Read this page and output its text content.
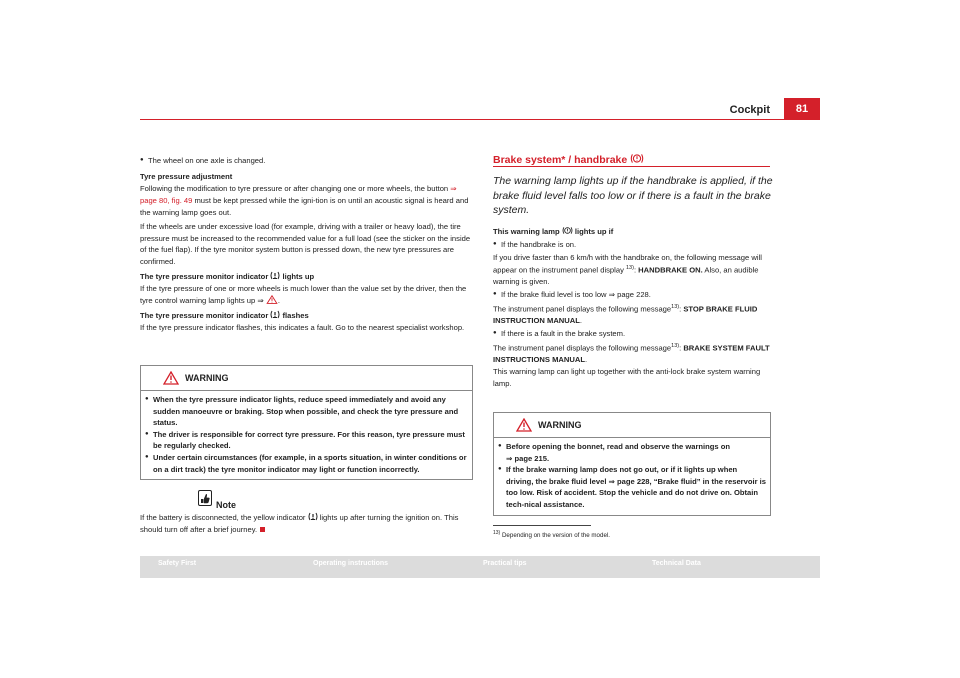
Cockpit	81

● The wheel on one axle is changed.

Tyre pressure adjustment

Following the modification to tyre pressure or after changing one or more wheels, the button ⇒ page 80, fig. 49 must be kept pressed while the igni-tion is on until an acoustic signal is heard and the warning lamp goes out.

If the wheels are under excessive load (for example, driving with a trailer or heavy load), the tire pressure must be increased to the recommended value for a full load (see the sticker on the inside of the fuel flap). If the tyre monitor system button is pressed down, the new tyre pressures are confirmed.

The tyre pressure monitor indicator  lights up

If the tyre pressure of one or more wheels is much lower than the value set by the driver, then the tyre control warning lamp lights up ⇒ .

The tyre pressure monitor indicator  flashes

If the tyre pressure indicator flashes, this indicates a fault. Go to the nearest specialist workshop.

WARNING
● When the tyre pressure indicator lights, reduce speed immediately and avoid any sudden manoeuvre or braking. Stop when possible, and check the tyre pressure and status.
● The driver is responsible for correct tyre pressure. For this reason, tyre pressure must be regularly checked.
● Under certain circumstances (for example, in a sports situation, in winter conditions or on a dirt track) the tyre monitor indicator may light or function incorrectly.
Note

If the battery is disconnected, the yellow indicator  lights up after turning the ignition on. This should turn off after a brief journey.

Brake system* / handbrake
The warning lamp lights up if the handbrake is applied, if the brake fluid level falls too low or if there is a fault in the brake system.

This warning lamp  lights up if

● If the handbrake is on.

If you drive faster than 6 km/h with the handbrake on, the following message will appear on the instrument panel display $^{13)}$: HANDBRAKE ON. Also, an audible warning is given.

● If the brake fluid level is too low ⇒ page 228.

The instrument panel displays the following message$^{13)}$: STOP BRAKE FLUID INSTRUCTION MANUAL.

● If there is a fault in the brake system.

The instrument panel displays the following message$^{13)}$: BRAKE SYSTEM FAULT INSTRUCTIONS MANUAL.

This warning lamp can light up together with the anti-lock brake system warning lamp.

WARNING
● Before opening the bonnet, read and observe the warnings on
⇒ page 215.
● If the brake warning lamp does not go out, or if it lights up when driving, the brake fluid level ⇒ page 228, “Brake fluid” in the reservoir is too low. Risk of accident. Stop the vehicle and do not drive on. Obtain tech-nical assistance.
$^{13)}$ Depending on the version of the model.
Safety First	Operating instructions	Practical tips	Technical Data
